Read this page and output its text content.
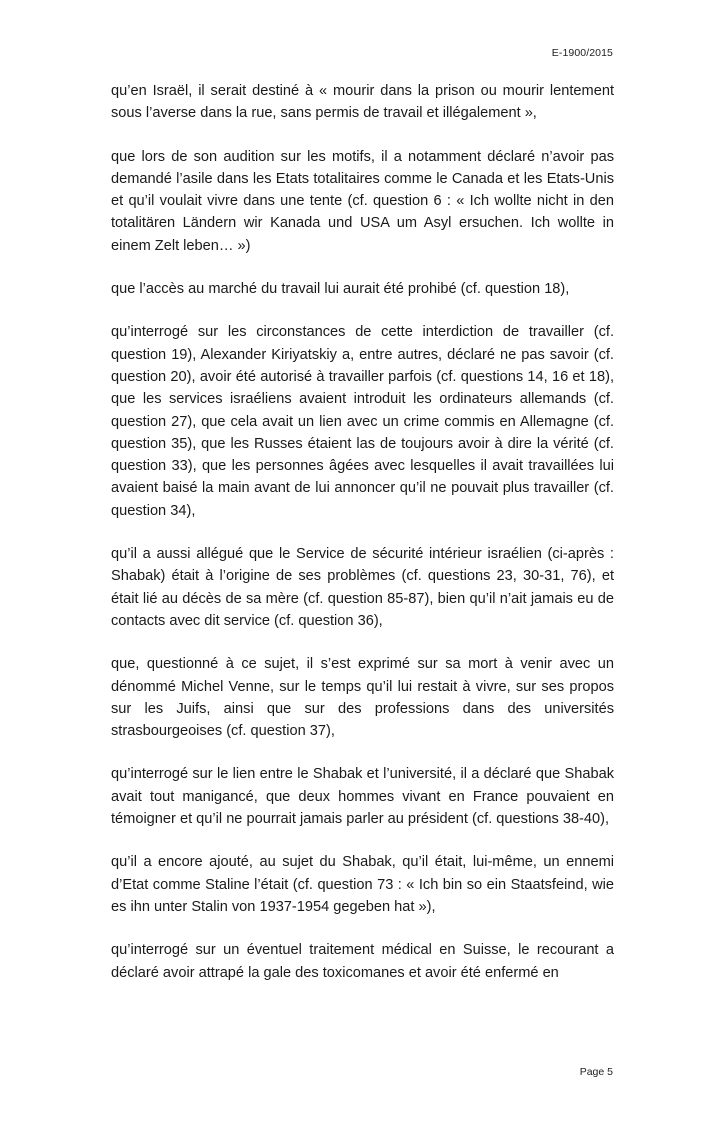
E-1900/2015

qu’en Israël, il serait destiné à « mourir dans la prison ou mourir lentement sous l’averse dans la rue, sans permis de travail et illégalement »,

que lors de son audition sur les motifs, il a notamment déclaré n’avoir pas demandé l’asile dans les Etats totalitaires comme le Canada et les Etats-Unis et qu’il voulait vivre dans une tente (cf. question 6 : « Ich wollte nicht in den totalitären Ländern wir Kanada und USA um Asyl ersuchen. Ich wollte in einem Zelt leben… »)

que l’accès au marché du travail lui aurait été prohibé (cf. question 18),

qu’interrogé sur les circonstances de cette interdiction de travailler (cf. question 19), Alexander Kiriyatskiy a, entre autres, déclaré ne pas savoir (cf. question 20), avoir été autorisé à travailler parfois (cf. questions 14, 16 et 18), que les services israéliens avaient introduit les ordinateurs allemands (cf. question 27), que cela avait un lien avec un crime commis en Allemagne (cf. question 35), que les Russes étaient las de toujours avoir à dire la vérité (cf. question 33), que les personnes âgées avec lesquelles il avait travaillées lui avaient baisé la main avant de lui annoncer qu’il ne pouvait plus travailler (cf. question 34),

qu’il a aussi allégué que le Service de sécurité intérieur israélien (ci-après : Shabak) était à l’origine de ses problèmes (cf. questions 23, 30-31, 76), et était lié au décès de sa mère (cf. question 85-87), bien qu’il n’ait jamais eu de contacts avec dit service (cf. question 36),

que, questionné à ce sujet, il s’est exprimé sur sa mort à venir avec un dénommé Michel Venne, sur le temps qu’il lui restait à vivre, sur ses propos sur les Juifs, ainsi que sur des professions dans des universités strasbourgeoises (cf. question 37),

qu’interrogé sur le lien entre le Shabak et l’université, il a déclaré que Shabak avait tout manigancé, que deux hommes vivant en France pouvaient en témoigner et qu’il ne pourrait jamais parler au président (cf. questions 38-40),

qu’il a encore ajouté, au sujet du Shabak, qu’il était, lui-même, un ennemi d’Etat comme Staline l’était (cf. question 73 : « Ich bin so ein Staatsfeind, wie es ihn unter Stalin von 1937-1954 gegeben hat »),

qu’interrogé sur un éventuel traitement médical en Suisse, le recourant a déclaré avoir attrapé la gale des toxicomanes et avoir été enfermé en

Page 5
